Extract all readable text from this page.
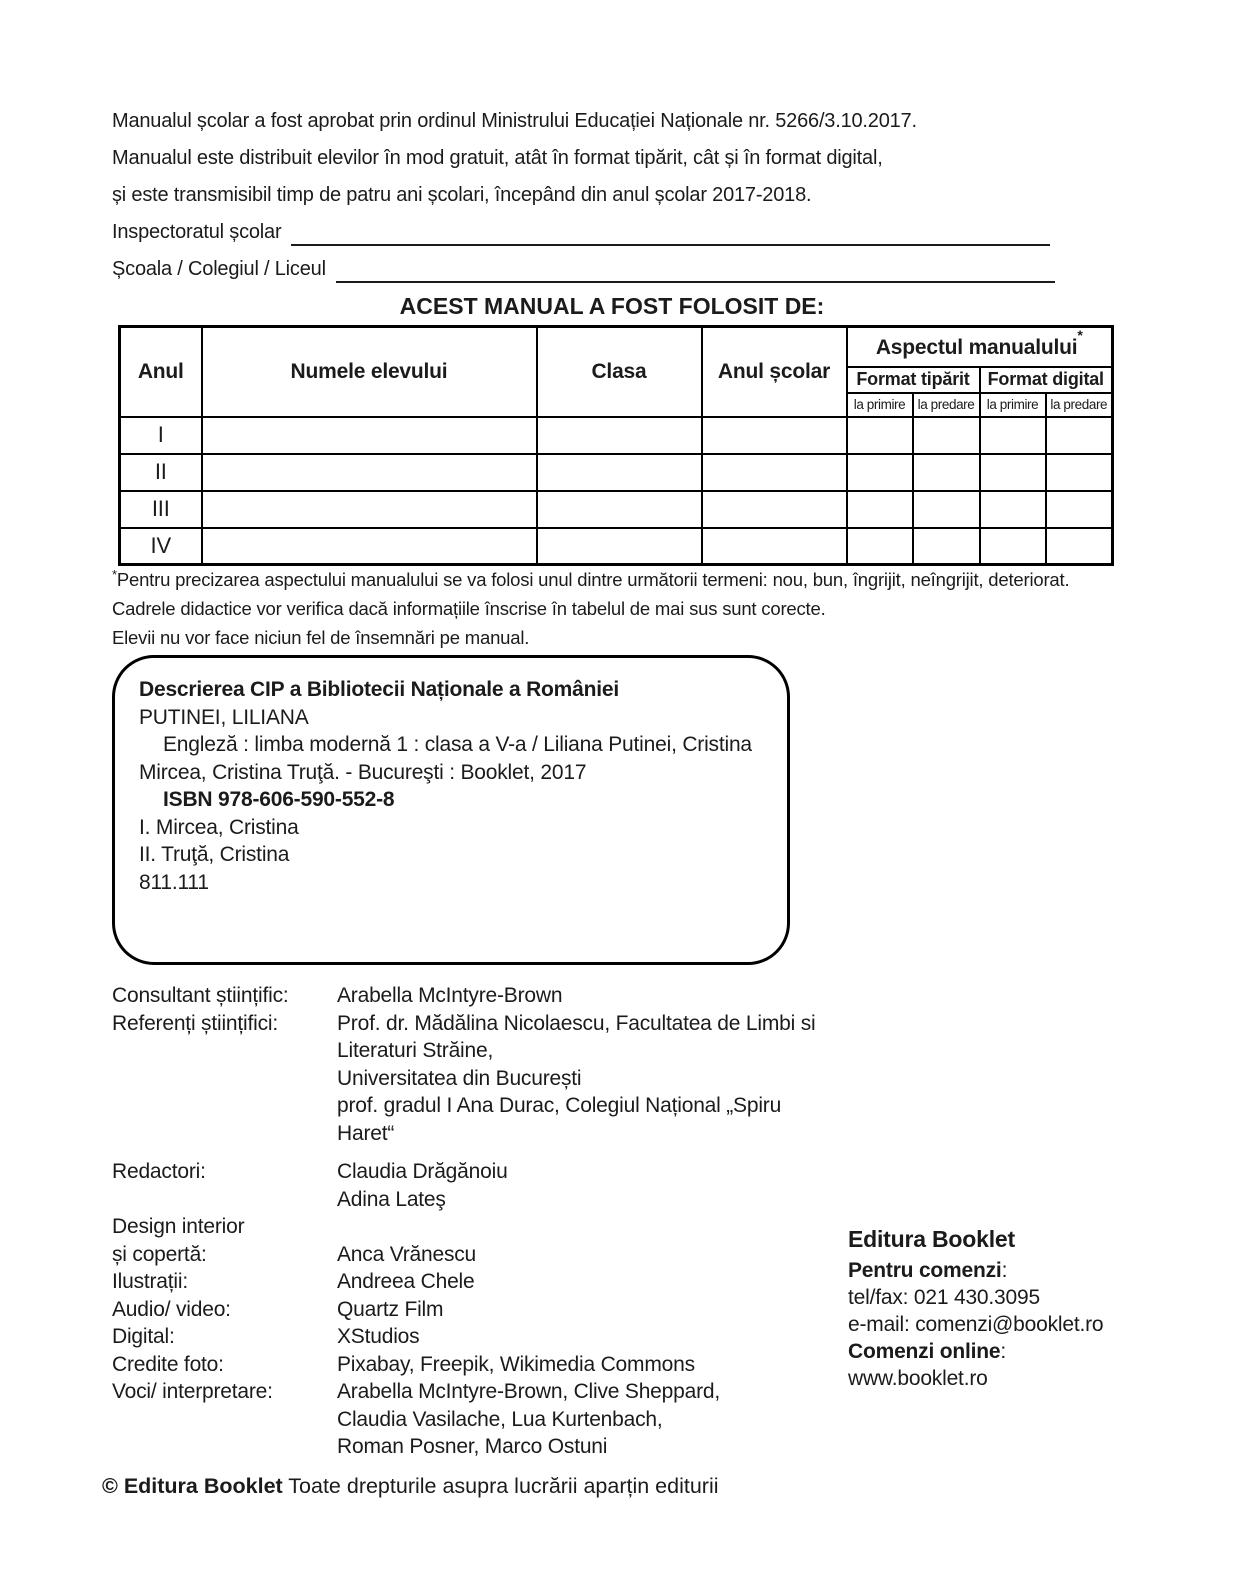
Manualul școlar a fost aprobat prin ordinul Ministrului Educației Naționale nr. 5266/3.10.2017.
Manualul este distribuit elevilor în mod gratuit, atât în format tipărit, cât și în format digital,
și este transmisibil timp de patru ani școlari, începând din anul școlar 2017-2018.
Inspectoratul școlar
Școala / Colegiul / Liceul
ACEST MANUAL A FOST FOLOSIT DE:
Anul	Numele elevului	Clasa	Anul școlar	Aspectul manualului*
				Format tipărit		Format digital	
				la primire	la predare	la primire	la predare
I							
II							
III							
IV							
*Pentru precizarea aspectului manualului se va folosi unul dintre următorii termeni: nou, bun, îngrijit, neîngrijit, deteriorat.
Cadrele didactice vor verifica dacă informațiile înscrise în tabelul de mai sus sunt corecte.
Elevii nu vor face niciun fel de însemnări pe manual.
Descrierea CIP a Bibliotecii Naționale a României
PUTINEI, LILIANA
Engleză : limba modernă 1 : clasa a V-a / Liliana Putinei, Cristina
Mircea, Cristina Truţă. - Bucureşti : Booklet, 2017
ISBN 978-606-590-552-8
I. Mircea, Cristina
II. Truţă, Cristina
811.111
Consultant științific:	Arabella McIntyre-Brown
Referenți științifici:	Prof. dr. Mădălina Nicolaescu, Facultatea de Limbi si Literaturi Străine,
Universitatea din București
prof. gradul I Ana Durac, Colegiul Național „Spiru Haret“
Redactori:	Claudia Drăgănoiu
Adina Lateş
Design interior
și copertă:	Anca Vrănescu
Ilustrații:	Andreea Chele
Audio/ video:	Quartz Film
Digital:	XStudios
Credite foto:	Pixabay, Freepik, Wikimedia Commons
Voci/ interpretare:	Arabella McIntyre-Brown, Clive Sheppard,
Claudia Vasilache, Lua Kurtenbach,
Roman Posner, Marco Ostuni
Editura Booklet
Pentru comenzi:
tel/fax: 021 430.3095
e-mail: comenzi@booklet.ro
Comenzi online:
www.booklet.ro
© Editura Booklet Toate drepturile asupra lucrării aparțin editurii
